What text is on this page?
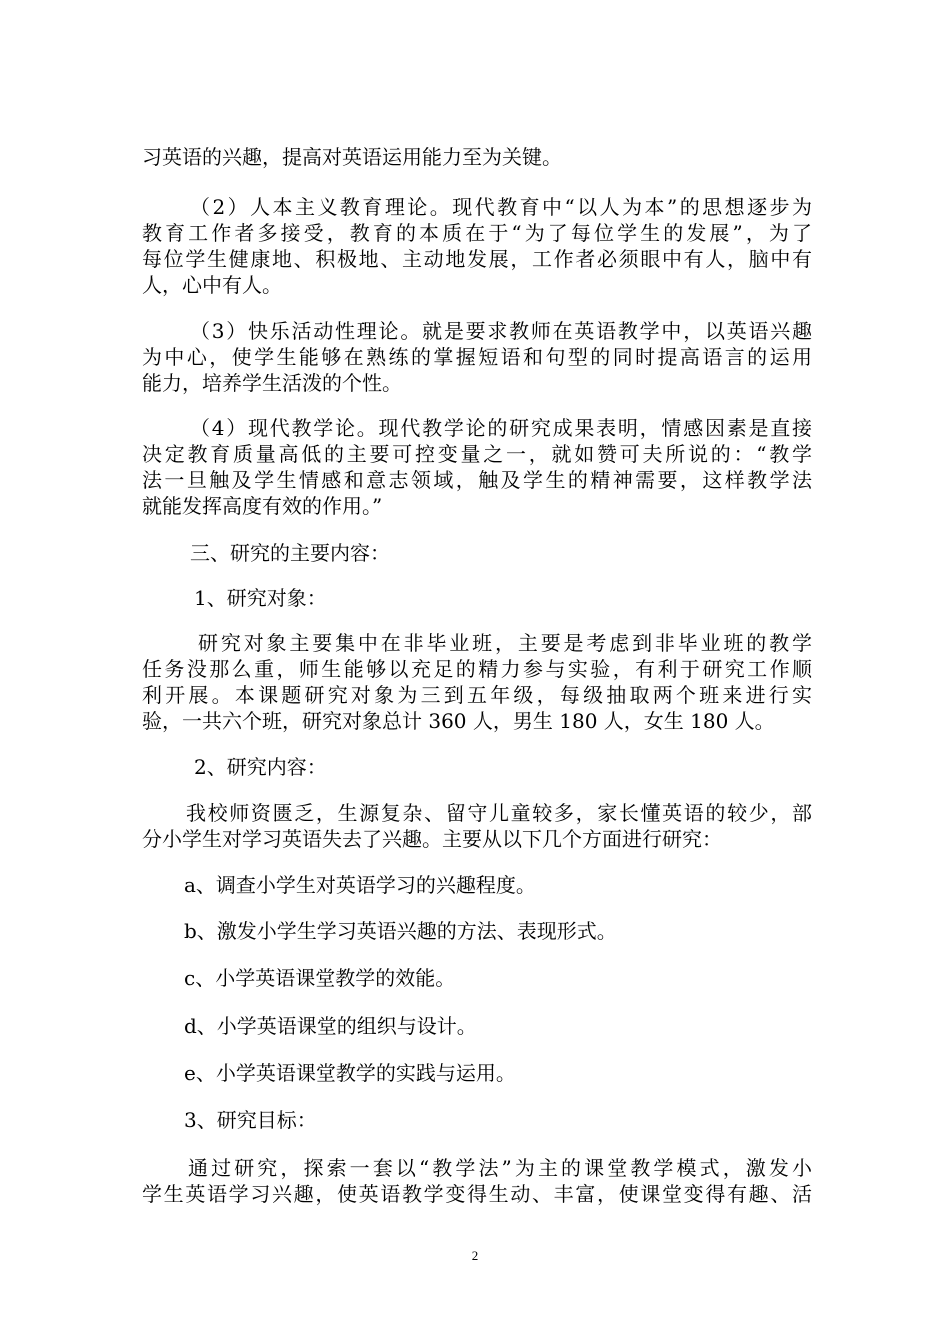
习英语的兴趣，提高对英语运用能力至为关键。

（2）人本主义教育理论。现代教育中“以人为本”的思想逐步为
教育工作者多接受，教育的本质在于“为了每位学生的发展”，为了
每位学生健康地、积极地、主动地发展，工作者必须眼中有人，脑中有
人，心中有人。

（3）快乐活动性理论。就是要求教师在英语教学中，以英语兴趣
为中心，使学生能够在熟练的掌握短语和句型的同时提高语言的运用
能力，培养学生活泼的个性。

（4）现代教学论。现代教学论的研究成果表明，情感因素是直接
决定教育质量高低的主要可控变量之一，就如赞可夫所说的：“教学
法一旦触及学生情感和意志领域，触及学生的精神需要，这样教学法
就能发挥高度有效的作用。”

三、研究的主要内容：

1、研究对象：

研究对象主要集中在非毕业班，主要是考虑到非毕业班的教学
任务没那么重，师生能够以充足的精力参与实验，有利于研究工作顺
利开展。本课题研究对象为三到五年级，每级抽取两个班来进行实
验，一共六个班，研究对象总计 360 人，男生 180 人，女生 180 人。

2、研究内容：

我校师资匮乏，生源复杂、留守儿童较多，家长懂英语的较少，部
分小学生对学习英语失去了兴趣。主要从以下几个方面进行研究：

a、调查小学生对英语学习的兴趣程度。

b、激发小学生学习英语兴趣的方法、表现形式。

c、小学英语课堂教学的效能。

d、小学英语课堂的组织与设计。

e、小学英语课堂教学的实践与运用。

3、研究目标：

通过研究，探索一套以“教学法”为主的课堂教学模式，激发小
学生英语学习兴趣，使英语教学变得生动、丰富，使课堂变得有趣、活

2
